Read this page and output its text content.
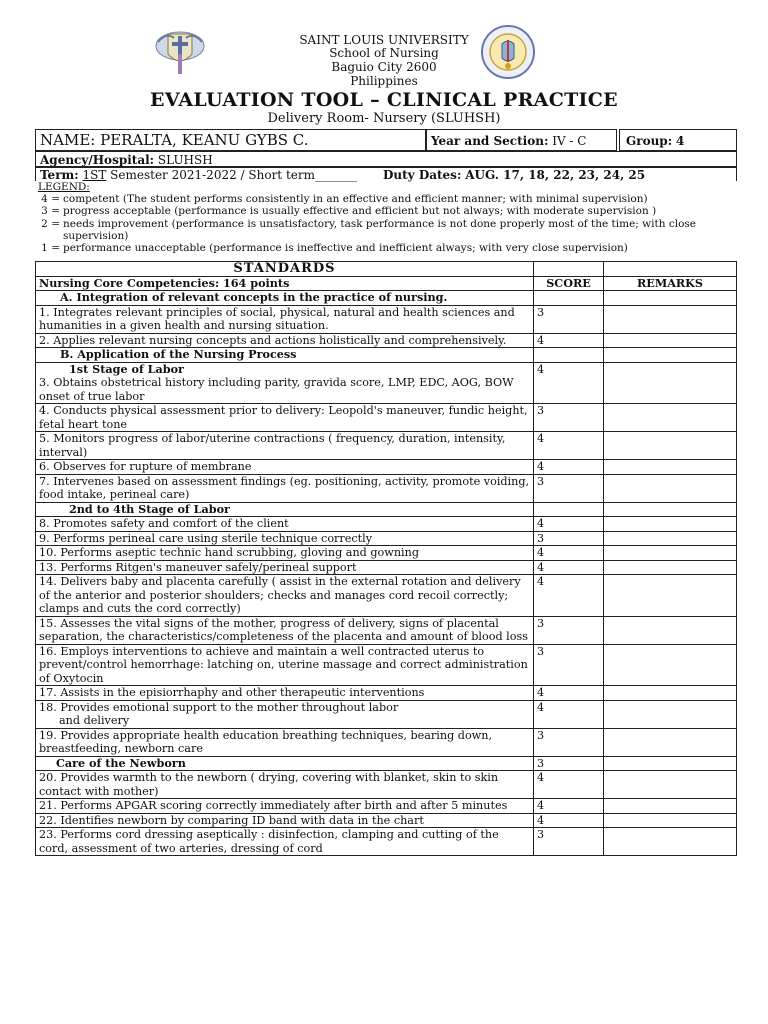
SAINT LOUIS UNIVERSITY
School of Nursing
Baguio City 2600
Philippines
EVALUATION TOOL – CLINICAL PRACTICE
Delivery Room- Nursery (SLUHSH)
NAME: PERALTA, KEANU GYBS C.	Year and Section: IV - C	Group: 4
Agency/Hospital: SLUHSH
Term: 1ST Semester 2021-2022 / Short term_______ Duty Dates: AUG. 17, 18, 22, 23, 24, 25
LEGEND:
4 = competent (The student performs consistently in an effective and efficient manner; with minimal supervision)
3 = progress acceptable (performance is usually effective and efficient but not always; with moderate supervision )
2 = needs improvement (performance is unsatisfactory, task performance is not done properly most of the time; with close supervision)
1 = performance unacceptable (performance is ineffective and inefficient always; with very close supervision)
STANDARDS		
Nursing Core Competencies: 164 points	SCORE	REMARKS
A. Integration of relevant concepts in the practice of nursing.		
1. Integrates relevant principles of social, physical, natural and health sciences and humanities in a given health and nursing situation.	3	
2. Applies relevant nursing concepts and actions holistically and comprehensively.	4	
B. Application of the Nursing Process		

1st Stage of Labor
3. Obtains obstetrical history including parity, gravida score, LMP, EDC, AOG, BOW onset of true labor	4	
4. Conducts physical assessment prior to delivery: Leopold's maneuver, fundic height, fetal heart tone	3	
5. Monitors progress of labor/uterine contractions ( frequency, duration, intensity, interval)	4	
6. Observes for rupture of membrane	4	
7. Intervenes based on assessment findings (eg. positioning, activity, promote voiding, food intake, perineal care)	3	

2nd to 4th Stage of Labor		

8. Promotes safety and comfort of the client	4	
9. Performs perineal care using sterile technique correctly	3	
10. Performs aseptic technic hand scrubbing, gloving and gowning	4	
13. Performs Ritgen's maneuver safely/perineal support	4	
14. Delivers baby and placenta carefully ( assist in the external rotation and delivery of the anterior and posterior shoulders; checks and manages cord recoil correctly; clamps and cuts the cord correctly)	4	
15. Assesses the vital signs of the mother, progress of delivery, signs of placental separation, the characteristics/completeness of the placenta and amount of blood loss	3	
16. Employs interventions to achieve and maintain a well contracted uterus to prevent/control hemorrhage: latching on, uterine massage and correct administration of Oxytocin	3	
17. Assists in the episiorrhaphy and other therapeutic interventions	4	

18. Provides emotional support to the mother throughout labor
and delivery	4	
19. Provides appropriate health education breathing techniques, bearing down, breastfeeding, newborn care	3	
Care of the Newborn	3	
20. Provides warmth to the newborn ( drying, covering with blanket, skin to skin contact with mother)	4	
21. Performs APGAR scoring correctly immediately after birth and after 5 minutes	4	
22. Identifies newborn by comparing ID band with data in the chart	4	
23. Performs cord dressing aseptically : disinfection, clamping and cutting of the cord, assessment of two arteries, dressing of cord	3	
